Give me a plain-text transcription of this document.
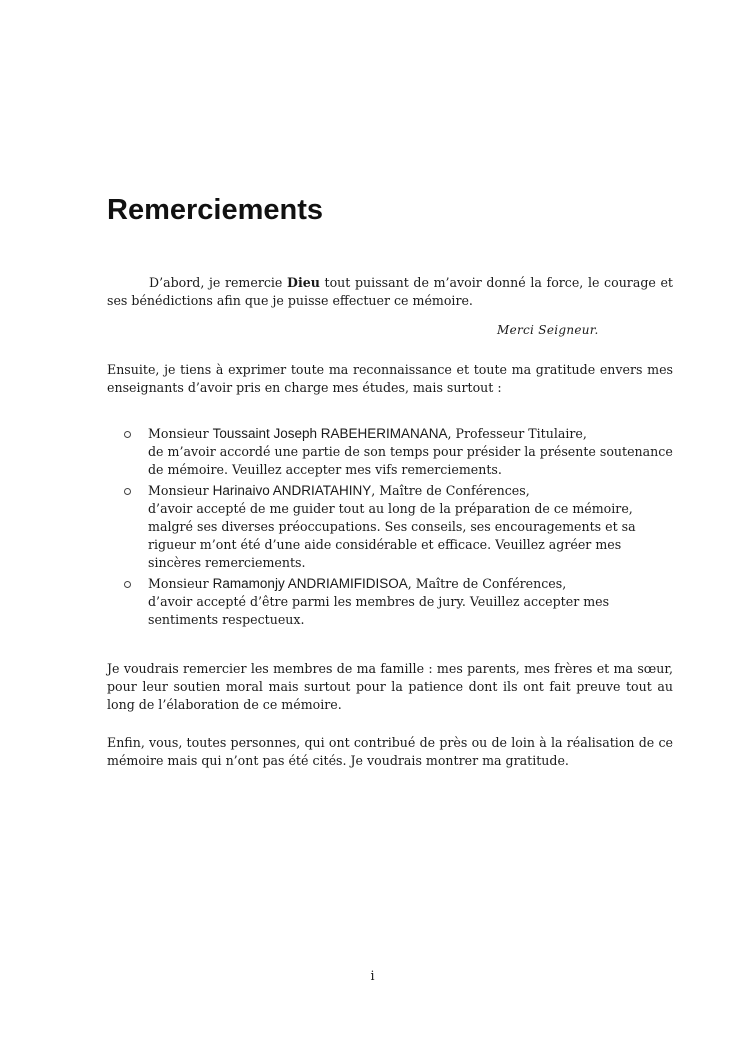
Remerciements

D’abord, je remercie Dieu tout puissant de m’avoir donné la force, le courage et ses bénédictions afin que je puisse effectuer ce mémoire.

Merci Seigneur.

Ensuite, je tiens à exprimer toute ma reconnaissance et toute ma gratitude envers mes enseignants d’avoir pris en charge mes études, mais surtout :

Monsieur Toussaint Joseph RABEHERIMANANA, Professeur Titulaire,
de m’avoir accordé une partie de son temps pour présider la présente soutenance de mémoire. Veuillez accepter mes vifs remerciements.
Monsieur Harinaivo ANDRIATAHINY, Maître de Conférences,
d’avoir accepté de me guider tout au long de la préparation de ce mémoire, malgré ses diverses préoccupations. Ses conseils, ses encouragements et sa rigueur m’ont été d’une aide considérable et efficace. Veuillez agréer mes sincères remerciements.
Monsieur Ramamonjy ANDRIAMIFIDISOA, Maître de Conférences,
d’avoir accepté d’être parmi les membres de jury. Veuillez accepter mes sentiments respectueux.

Je voudrais remercier les membres de ma famille : mes parents, mes frères et ma sœur, pour leur soutien moral mais surtout pour la patience dont ils ont fait preuve tout au long de l’élaboration de ce mémoire.

Enfin, vous, toutes personnes, qui ont contribué de près ou de loin à la réalisation de ce mémoire mais qui n’ont pas été cités. Je voudrais montrer ma gratitude.

i
